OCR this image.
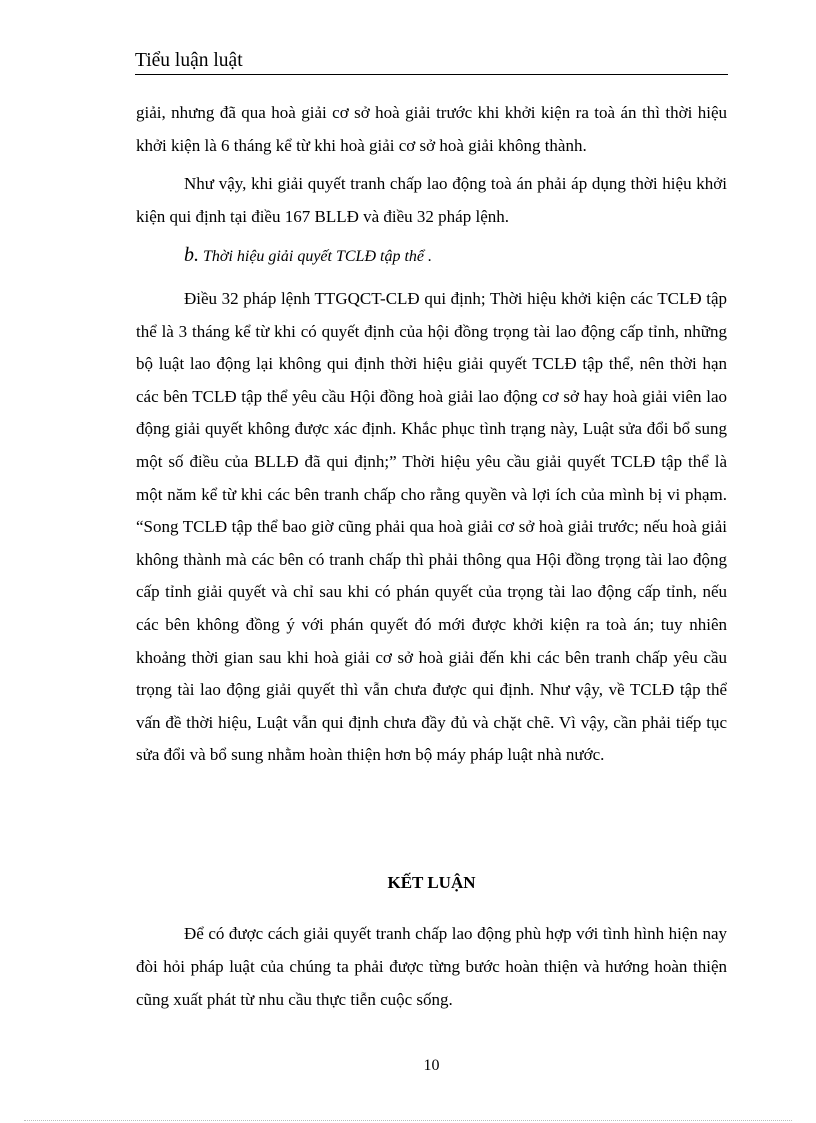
Tiểu luận luật

giải, nhưng đã qua hoà giải cơ sở hoà giải trước khi khởi kiện ra toà án thì thời hiệu khởi kiện là 6 tháng kể từ khi hoà giải cơ sở hoà giải không thành.

Như vậy, khi giải quyết tranh chấp lao động toà án phải áp dụng thời hiệu khởi kiện qui định tại điều 167 BLLĐ và điều 32 pháp lệnh.

b. Thời hiệu giải quyết TCLĐ tập thể .

Điều 32 pháp lệnh TTGQCT-CLĐ qui định; Thời hiệu khởi kiện các TCLĐ tập thể là 3 tháng kể từ khi có quyết định của hội đồng trọng tài lao động cấp tỉnh, những bộ luật lao động lại không qui định thời hiệu giải quyết TCLĐ tập thể, nên thời hạn các bên TCLĐ tập thể yêu cầu Hội đồng hoà giải lao động cơ sở hay hoà giải viên lao động giải quyết không được xác định. Khắc phục tình trạng này, Luật sửa đổi bổ sung một số điều của BLLĐ đã qui định;” Thời hiệu yêu cầu giải quyết TCLĐ tập thể là một năm kể từ khi các bên tranh chấp cho rằng quyền và lợi ích của mình bị vi phạm. “Song TCLĐ tập thể bao giờ cũng phải qua hoà giải cơ sở hoà giải trước; nếu hoà giải không thành mà các bên có tranh chấp thì phải thông qua Hội đồng trọng tài lao động cấp tỉnh giải quyết và chỉ sau khi có phán quyết của trọng tài lao động cấp tỉnh, nếu các bên không đồng ý với phán quyết đó mới được khởi kiện ra toà án; tuy nhiên khoảng thời gian sau khi hoà giải cơ sở hoà giải đến khi các bên tranh chấp yêu cầu trọng tài lao động giải quyết thì vẫn chưa được qui định. Như vậy, về TCLĐ tập thể vấn đề thời hiệu, Luật vẫn qui định chưa đầy đủ và chặt chẽ. Vì vậy, cần phải tiếp tục sửa đổi và bổ sung nhằm hoàn thiện hơn bộ máy pháp luật nhà nước.

KẾT LUẬN

Để có được cách giải quyết tranh chấp lao động phù hợp với tình hình hiện nay đòi hỏi pháp luật của chúng ta phải được từng bước hoàn thiện và hướng hoàn thiện cũng xuất phát từ nhu cầu thực tiễn cuộc sống.

10
